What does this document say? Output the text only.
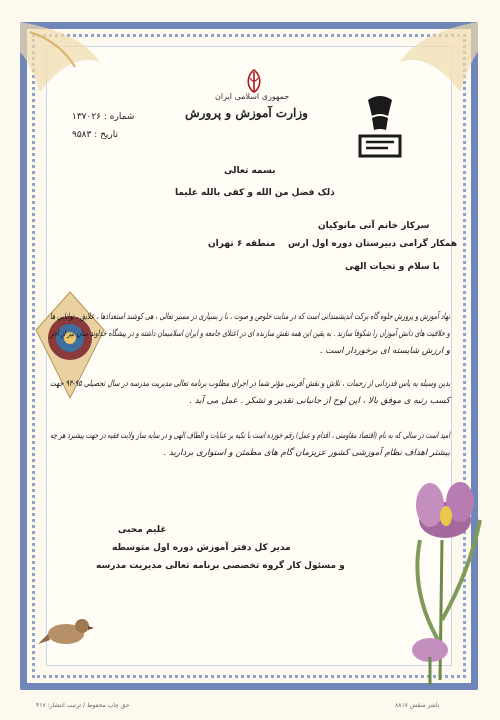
جمهوری اسلامی ایران
وزارت آموزش و پرورش
شماره : ۱۳۷۰۲۶
تاریخ : ۹۵۸۳
بسمه تعالی
ذلک فضل من الله و کفی بالله علیما
سرکار خانم آنی مانوکیان
همکار گرامی دبیرستان دوره اول ارس
منطقه ۶ تهران
با سلام و تحیات الهی

نهاد آموزش و پرورش جلوه گاه برکت اندیشمندانی است که در منابت خلوص و صوت ، با ر بسیاری در مسیر تعالی ، هی کوشند استعدادها ، علایق ، توانایی ها

و خلاقیت های دانش آموزان را شکوفا سازند . به یقین این همه نقش سازنده ای در اعتلای جامعه و ایران اسلامیمان داشته و در پیشگاه خداوند منان نیز از اجر

و ارزش شایسته ای برخوردار است .

بدین وسیله به پاس قدردانی از زحمات ، تلاش و نقش آفرینی مؤثر شما در اجرای مطلوب برنامه تعالی مدیریت مدرسه در سال تحصیلی ۹۵-۹۴ جهت

کسب رتبه ی موفق بالا ، این لوح از جانبانی تقدیر و تشکر . عمل می آید .

امید است در سالی که به نام (اقتصاد مقاومتی ، اقدام و عمل) رقم خورده است با تکیه بر عنایات و الطاف الهی و در سایه ساز ولایت فقیه در جهت پیشبرد هر چه

بیشتر اهداف نظام آموزشی کشور عزیزمان گام های مطمئن و استواری بردارید .

غلیم محبی
مدیر کل دفتر آموزش دوره اول متوسطه
و مسئول کار گروه تخصصی برنامه تعالی مدیریت مدرسه
حق چاپ محفوظ / ترتیب انتشار: ۴۱۷	ناشر منقش ۸۸۱۷
